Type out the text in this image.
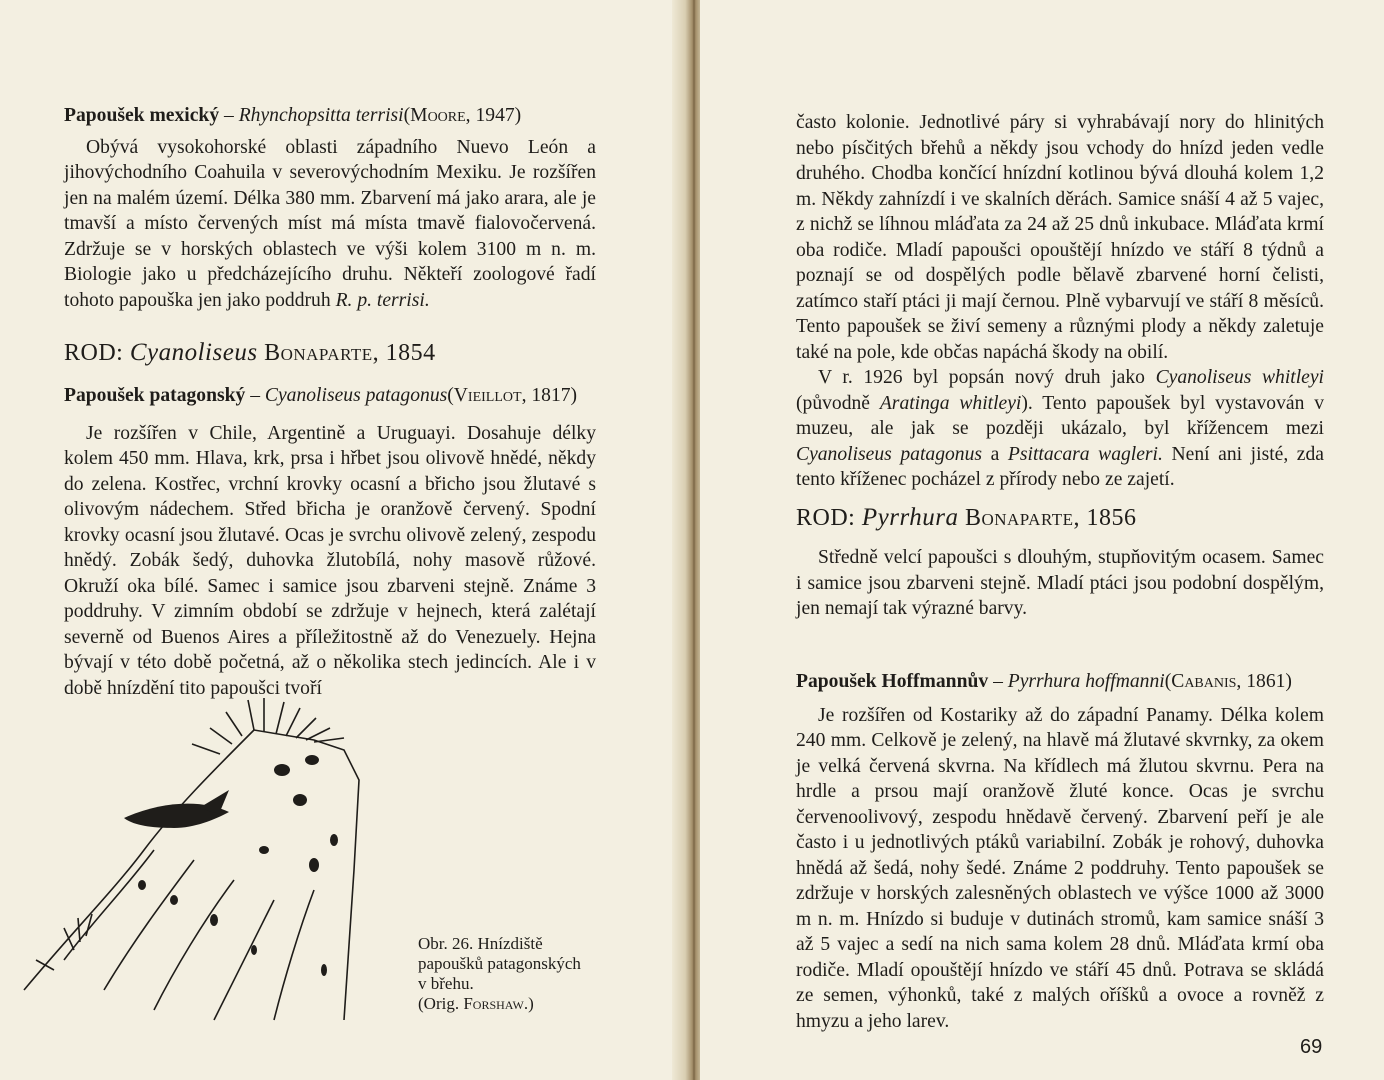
Papoušek mexický – Rhynchopsitta terrisi(Moore, 1947)

Obývá vysokohorské oblasti západního Nuevo León a jihovýchodního Coahuila v severovýchodním Mexiku. Je rozšířen jen na malém území. Délka 380 mm. Zbarvení má jako arara, ale je tmavší a místo červených míst má místa tmavě fialovočervená. Zdržuje se v horských oblastech ve výši kolem 3100 m n. m. Biologie jako u předcházejícího druhu. Někteří zoologové řadí tohoto papouška jen jako poddruh R. p. terrisi.

ROD: Cyanoliseus Bonaparte, 1854

Papoušek patagonský – Cyanoliseus patagonus(Vieillot, 1817)

Je rozšířen v Chile, Argentině a Uruguayi. Dosahuje délky kolem 450 mm. Hlava, krk, prsa i hřbet jsou olivově hnědé, někdy do zelena. Kostřec, vrchní krovky ocasní a břicho jsou žlutavé s olivovým nádechem. Střed břicha je oranžově červený. Spodní krovky ocasní jsou žlutavé. Ocas je svrchu olivově zelený, zespodu hnědý. Zobák šedý, duhovka žlutobílá, nohy masově růžové. Okruží oka bílé. Samec i samice jsou zbarveni stejně. Známe 3 poddruhy. V zimním období se zdržuje v hejnech, která zalétají severně od Buenos Aires a příležitostně až do Venezuely. Hejna bývají v této době početná, až o několika stech jedincích. Ale i v době hnízdění tito papoušci tvoří

Obr. 26. Hnízdiště
papoušků patagonských
v břehu.
(Orig. Forshaw.)

často kolonie. Jednotlivé páry si vyhrabávají nory do hlinitých nebo písčitých břehů a někdy jsou vchody do hnízd jeden vedle druhého. Chodba končící hnízdní kotlinou bývá dlouhá kolem 1,2 m. Někdy zahnízdí i ve skalních děrách. Samice snáší 4 až 5 vajec, z nichž se líhnou mláďata za 24 až 25 dnů inkubace. Mláďata krmí oba rodiče. Mladí papoušci opouštějí hnízdo ve stáří 8 týdnů a poznají se od dospělých podle bělavě zbarvené horní čelisti, zatímco staří ptáci ji mají černou. Plně vybarvují ve stáří 8 měsíců. Tento papoušek se živí semeny a různými plody a někdy zaletuje také na pole, kde občas napáchá škody na obilí.

V r. 1926 byl popsán nový druh jako Cyanoliseus whitleyi (původně Aratinga whitleyi). Tento papoušek byl vystavován v muzeu, ale jak se později ukázalo, byl křížencem mezi Cyanoliseus patagonus a Psittacara wagleri. Není ani jisté, zda tento kříženec pocházel z přírody nebo ze zajetí.

ROD: Pyrrhura Bonaparte, 1856

Středně velcí papoušci s dlouhým, stupňovitým ocasem. Samec i samice jsou zbarveni stejně. Mladí ptáci jsou podobní dospělým, jen nemají tak výrazné barvy.

Papoušek Hoffmannův – Pyrrhura hoffmanni(Cabanis, 1861)

Je rozšířen od Kostariky až do západní Panamy. Délka kolem 240 mm. Celkově je zelený, na hlavě má žlutavé skvrnky, za okem je velká červená skvrna. Na křídlech má žlutou skvrnu. Pera na hrdle a prsou mají oranžově žluté konce. Ocas je svrchu červenoolivový, zespodu hnědavě červený. Zbarvení peří je ale často i u jednotlivých ptáků variabilní. Zobák je rohový, duhovka hnědá až šedá, nohy šedé. Známe 2 poddruhy. Tento papoušek se zdržuje v horských zalesněných oblastech ve výšce 1000 až 3000 m n. m. Hnízdo si buduje v dutinách stromů, kam samice snáší 3 až 5 vajec a sedí na nich sama kolem 28 dnů. Mláďata krmí oba rodiče. Mladí opouštějí hnízdo ve stáří 45 dnů. Potrava se skládá ze semen, výhonků, také z malých oříšků a ovoce a rovněž z hmyzu a jeho larev.

69
